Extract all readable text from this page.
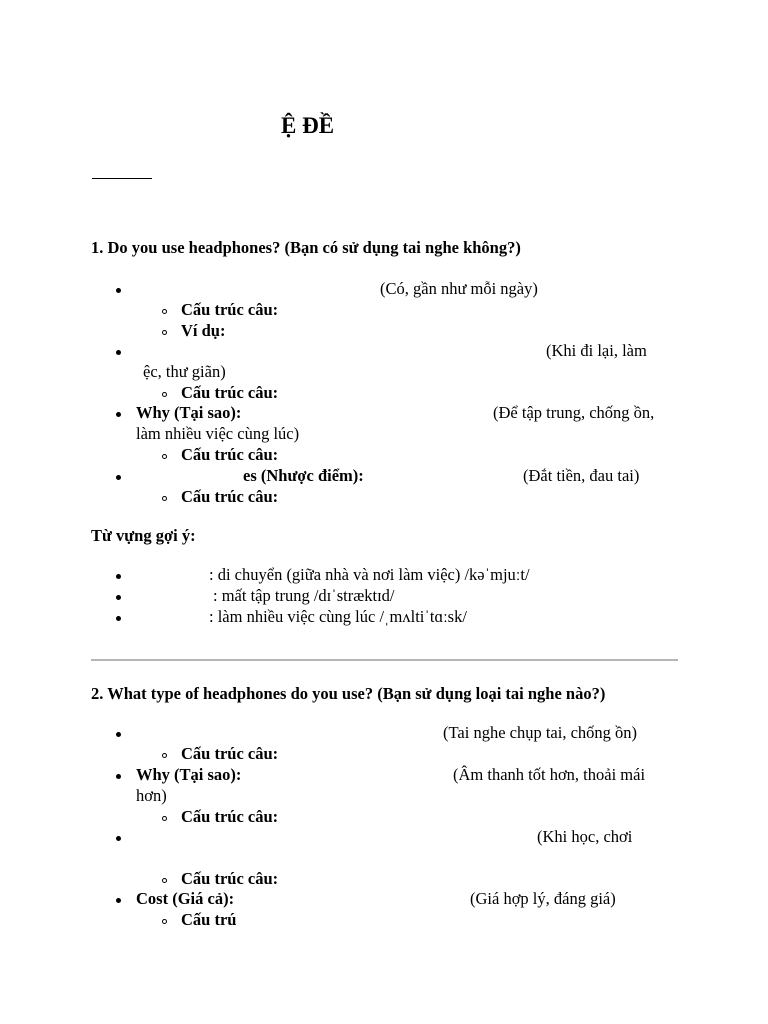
Ệ ĐỀ
1. Do you use headphones? (Bạn có sử dụng tai nghe không?)
(Có, gần như mỗi ngày)
Cấu trúc câu:
Ví dụ:
(Khi đi lại, làm
ệc, thư giãn)
Cấu trúc câu:
Why (Tại sao):	(Để tập trung, chống ồn,
làm nhiều việc cùng lúc)
Cấu trúc câu:
es (Nhược điểm):	(Đắt tiền, đau tai)
Cấu trúc câu:
Từ vựng gợi ý:
: di chuyển (giữa nhà và nơi làm việc) /kəˈmjuːt/
: mất tập trung /dɪˈstræktɪd/
: làm nhiều việc cùng lúc /ˌmʌltiˈtɑːsk/
2. What type of headphones do you use? (Bạn sử dụng loại tai nghe nào?)
(Tai nghe chụp tai, chống ồn)
Cấu trúc câu:
Why (Tại sao):	(Âm thanh tốt hơn, thoải mái
hơn)
Cấu trúc câu:
(Khi học, chơi
Cấu trúc câu:
Cost (Giá cả):	(Giá hợp lý, đáng giá)
Cấu trú
